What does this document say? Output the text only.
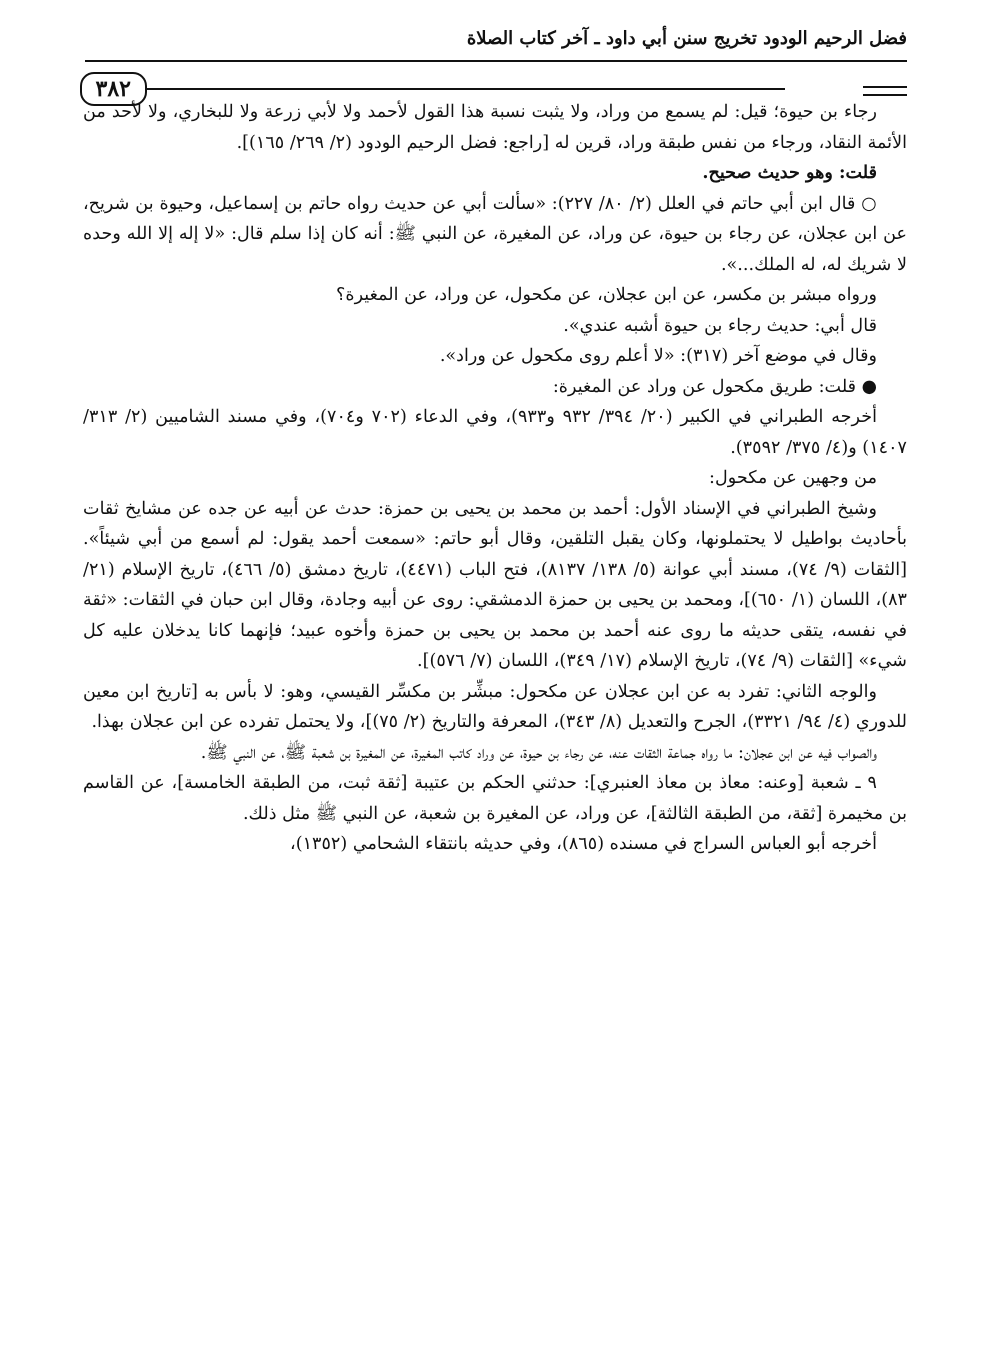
فضل الرحيم الودود تخريج سنن أبي داود ـ آخر كتاب الصلاة
٣٨٢

رجاء بن حيوة؛ قيل: لم يسمع من وراد، ولا يثبت نسبة هذا القول لأحمد ولا لأبي زرعة ولا للبخاري، ولا لأحد من الأئمة النقاد، ورجاء من نفس طبقة وراد، قرين له [راجع: فضل الرحيم الودود (٢/ ٢٦٩/ ١٦٥)].

قلت: وهو حديث صحيح.

○ قال ابن أبي حاتم في العلل (٢/ ٨٠/ ٢٢٧): «سألت أبي عن حديث رواه حاتم بن إسماعيل، وحيوة بن شريح، عن ابن عجلان، عن رجاء بن حيوة، عن وراد، عن المغيرة، عن النبي ﷺ: أنه كان إذا سلم قال: «لا إله إلا الله وحده لا شريك له، له الملك...».

ورواه مبشر بن مكسر، عن ابن عجلان، عن مكحول، عن وراد، عن المغيرة؟

قال أبي: حديث رجاء بن حيوة أشبه عندي».

وقال في موضع آخر (٣١٧): «لا أعلم روى مكحول عن وراد».

● قلت: طريق مكحول عن وراد عن المغيرة:

أخرجه الطبراني في الكبير (٢٠/ ٣٩٤/ ٩٣٢ و٩٣٣)، وفي الدعاء (٧٠٢ و٧٠٤)، وفي مسند الشاميين (٢/ ٣١٣/ ١٤٠٧) و(٤/ ٣٧٥/ ٣٥٩٢).

من وجهين عن مكحول:

وشيخ الطبراني في الإسناد الأول: أحمد بن محمد بن يحيى بن حمزة: حدث عن أبيه عن جده عن مشايخ ثقات بأحاديث بواطيل لا يحتملونها، وكان يقبل التلقين، وقال أبو حاتم: «سمعت أحمد يقول: لم أسمع من أبي شيئاً». [الثقات (٩/ ٧٤)، مسند أبي عوانة (٥/ ١٣٨/ ٨١٣٧)، فتح الباب (٤٤٧١)، تاريخ دمشق (٥/ ٤٦٦)، تاريخ الإسلام (٢١/ ٨٣)، اللسان (١/ ٦٥٠)]، ومحمد بن يحيى بن حمزة الدمشقي: روى عن أبيه وجادة، وقال ابن حبان في الثقات: «ثقة في نفسه، يتقى حديثه ما روى عنه أحمد بن محمد بن يحيى بن حمزة وأخوه عبيد؛ فإنهما كانا يدخلان عليه كل شيء» [الثقات (٩/ ٧٤)، تاريخ الإسلام (١٧/ ٣٤٩)، اللسان (٧/ ٥٧٦)].

والوجه الثاني: تفرد به عن ابن عجلان عن مكحول: مبشِّر بن مكسِّر القيسي، وهو: لا بأس به [تاريخ ابن معين للدوري (٤/ ٩٤/ ٣٣٢١)، الجرح والتعديل (٨/ ٣٤٣)، المعرفة والتاريخ (٢/ ٧٥)]، ولا يحتمل تفرده عن ابن عجلان بهذا.

والصواب فيه عن ابن عجلان: ما رواه جماعة الثقات عنه، عن رجاء بن حيوة، عن وراد كاتب المغيرة، عن المغيرة بن شعبة ﷺ، عن النبي ﷺ.

٩ ـ شعبة [وعنه: معاذ بن معاذ العنبري]: حدثني الحكم بن عتيبة [ثقة ثبت، من الطبقة الخامسة]، عن القاسم بن مخيمرة [ثقة، من الطبقة الثالثة]، عن وراد، عن المغيرة بن شعبة، عن النبي ﷺ مثل ذلك.

أخرجه أبو العباس السراج في مسنده (٨٦٥)، وفي حديثه بانتقاء الشحامي (١٣٥٢)،
